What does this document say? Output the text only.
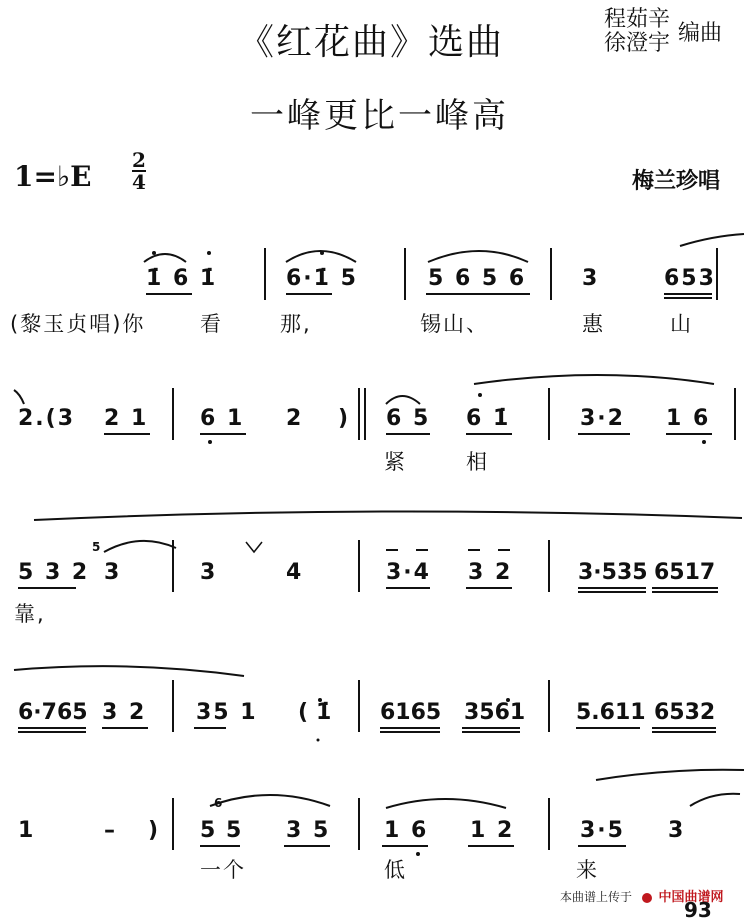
《红花曲》选曲
程茹辛
徐澄宇 编曲
一峰更比一峰高
1=♭E 2
4	梅兰珍唱
1̇ 6 1̇	6·1̇ 5	5 6 5 6	3	653
(黎玉贞唱)你	看	那,	锡山、	惠	山
2.(3 2 1 6 1 2 ) 6 5 6 1̇	3·2 1 6
紧	相
5 3 2
5
3	3	4	3·4 3 2	3·535 6517
靠,
6·765 3 2 35 1 ( 1̇ 6165 3561 5.611 6532
1	– ) 5
6
5 3 5 1 6 1 2	3·5 3
一个	低	来
本曲谱上传于	中国曲谱网
93
